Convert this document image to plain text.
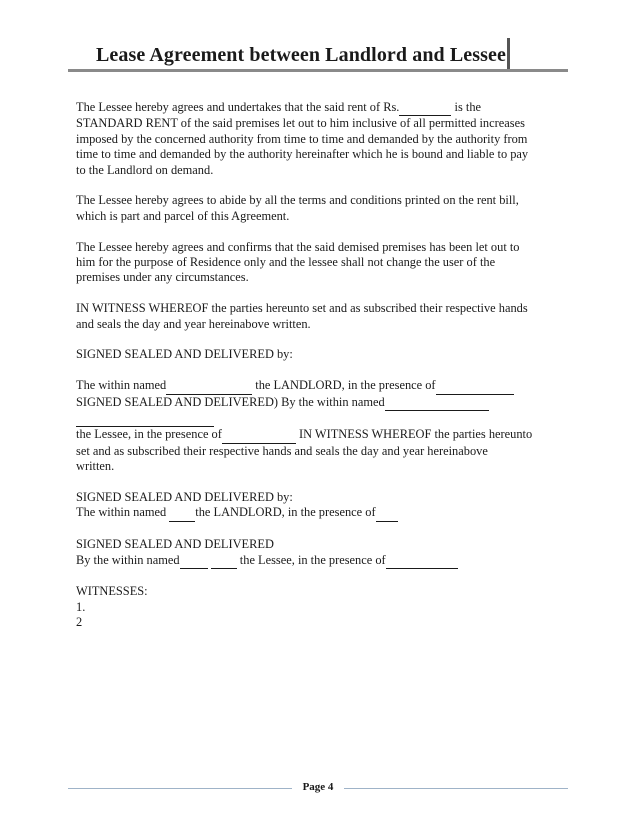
Lease Agreement between Landlord and Lessee
The Lessee hereby agrees and undertakes that the said rent of Rs.	is the
STANDARD RENT of the said premises let out to him inclusive of all permitted increases
imposed by the concerned authority from time to time and demanded by the authority from
time to time and demanded by the authority hereinafter which he is bound and liable to pay
to the Landlord on demand.
The Lessee hereby agrees to abide by all the terms and conditions printed on the rent bill,
which is part and parcel of this Agreement.
The Lessee hereby agrees and confirms that the said demised premises has been let out to
him for the purpose of Residence only and the lessee shall not change the user of the
premises under any circumstances.
IN WITNESS WHEREOF the parties hereunto set and as subscribed their respective hands
and seals the day and year hereinabove written.
SIGNED SEALED AND DELIVERED by:
The within named	the LANDLORD, in the presence of
SIGNED SEALED AND DELIVERED) By the within named

the Lessee, in the presence of	IN WITNESS WHEREOF the parties hereunto
set and as subscribed their respective hands and seals the day and year hereinabove
written.
SIGNED SEALED AND DELIVERED by:
The within named  the LANDLORD, in the presence of
SIGNED SEALED AND DELIVERED
By the within named	the Lessee, in the presence of
WITNESSES:
1.
2
Page 4
